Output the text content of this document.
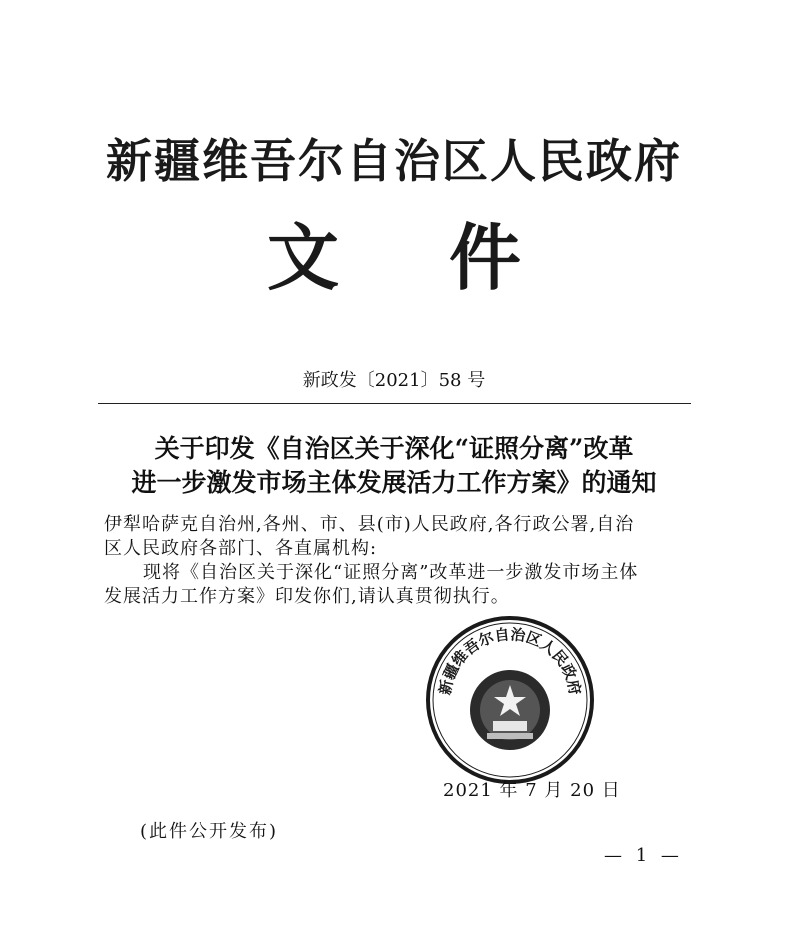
新疆维吾尔自治区人民政府
文件
新政发〔2021〕58 号
关于印发《自治区关于深化“证照分离”改革
进一步激发市场主体发展活力工作方案》的通知
伊犁哈萨克自治州,各州、市、县(市)人民政府,各行政公署,自治
区人民政府各部门、各直属机构:
现将《自治区关于深化“证照分离”改革进一步激发市场主体
发展活力工作方案》印发你们,请认真贯彻执行。
新疆维吾尔自治区人民政府
2021 年 7 月 20 日
(此件公开发布)
— 1 —
